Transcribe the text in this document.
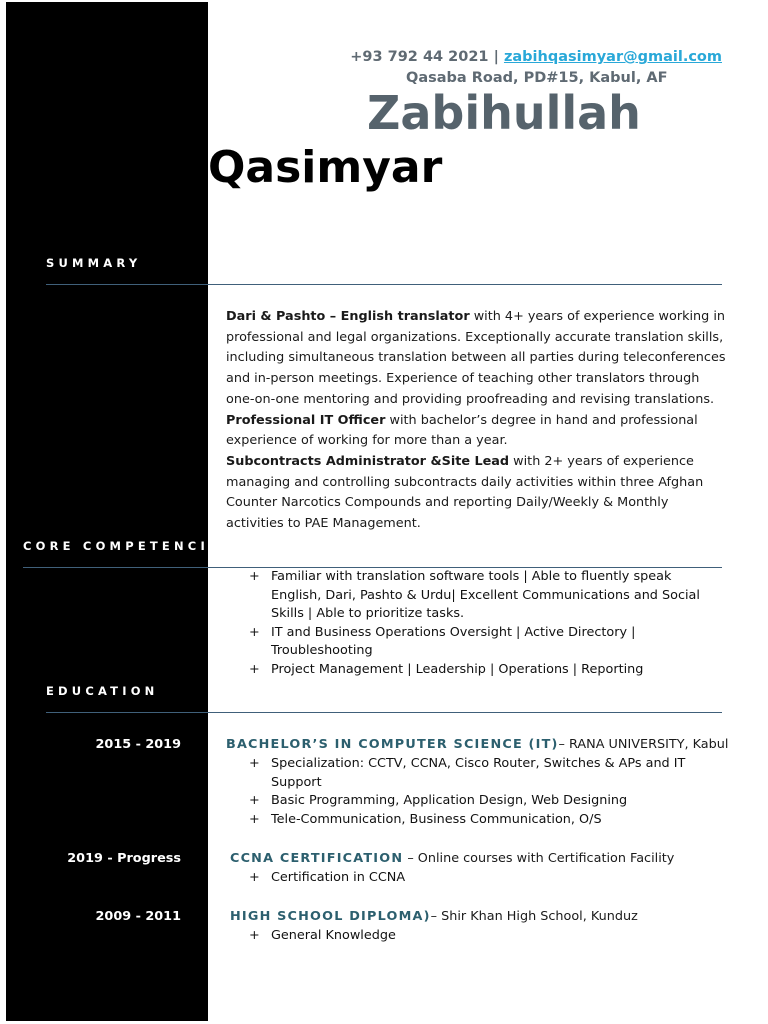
+93 792 44 2021 | zabihqasimyar@gmail.com
Qasaba Road, PD#15, Kabul, AF
Zabihullah
Qasimyar
SUMMARY
Dari & Pashto – English translator with 4+ years of experience working in professional and legal organizations. Exceptionally accurate translation skills, including simultaneous translation between all parties during teleconferences and in-person meetings. Experience of teaching other translators through one-on-one mentoring and providing proofreading and revising translations.
Professional IT Officer with bachelor’s degree in hand and professional experience of working for more than a year.
Subcontracts Administrator &Site Lead with 2+ years of experience managing and controlling subcontracts daily activities within three Afghan Counter Narcotics Compounds and reporting Daily/Weekly & Monthly activities to PAE Management.
CORE COMPETENCIES
+ Familiar with translation software tools | Able to fluently speak English, Dari, Pashto & Urdu| Excellent Communications and Social Skills | Able to prioritize tasks.
+ IT and Business Operations Oversight | Active Directory | Troubleshooting
+ Project Management | Leadership | Operations | Reporting
EDUCATION
2015 - 2019	BACHELOR’S IN COMPUTER SCIENCE (IT)– RANA UNIVERSITY, Kabul
+ Specialization: CCTV, CCNA, Cisco Router, Switches & APs and IT Support
+ Basic Programming, Application Design, Web Designing
+ Tele-Communication, Business Communication, O/S
2019 - Progress	CCNA CERTIFICATION – Online courses with Certification Facility
+ Certification in CCNA
2009 - 2011	HIGH SCHOOL DIPLOMA)– Shir Khan High School, Kunduz
+ General Knowledge
